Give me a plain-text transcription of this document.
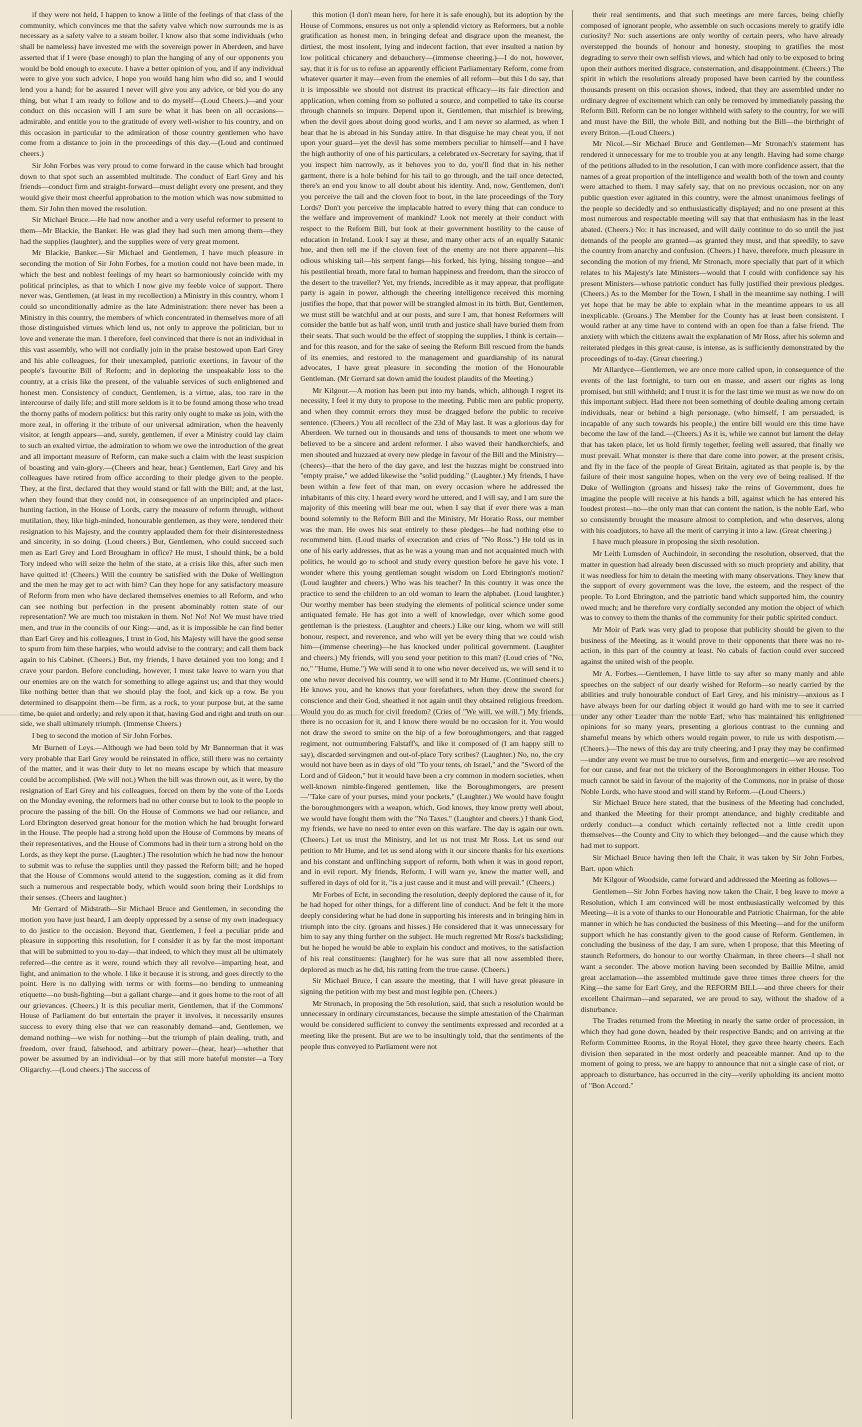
if they were not held, I happen to know a little of the feelings of that class of the community, which convinces me that the safety valve which now surrounds me is as necessary as a safety valve to a steam boiler. I know also that some individuals (who shall be nameless) have invested me with the sovereign power in Aberdeen, and have asserted that if I were (base enough) to plan the hanging of any of our opponents you would be bold enough to execute. I have a better opinion of you, and if any individual were to give you such advice, I hope you would hang him who did so, and I would lend you a hand; for be assured I never will give you any advice, or bid you do any thing, but what I am ready to follow and to do myself—(Loud Cheers.)—and your conduct on this occasion will I am sure be what it has been on all occasions—admirable, and entitle you to the gratitude of every well-wisher to his country, and on this occasion in particular to the admiration of those country gentlemen who have come from a distance to join in the proceedings of this day.—(Loud and continued cheers.)

Sir John Forbes was very proud to come forward in the cause which had brought down to that spot such an assembled multitude. The conduct of Earl Grey and his friends—conduct firm and straight-forward—must delight every one present, and they would give their most cheerful approbation to the motion which was now submitted to them. Sir John then moved the resolution.

Sir Michael Bruce.—He had now another and a very useful reformer to present to them—Mr Blackie, the Banker. He was glad they had such men among them—they had the supplies (laughter), and the supplies were of very great moment.

Mr Blackie, Banker.—Sir Michael and Gentlemen, I have much pleasure in seconding the motion of Sir John Forbes, for a motion could not have been made, in which the best and noblest feelings of my heart so harmoniously coincide with my political principles, as that to which I now give my feeble voice of support. There never was, Gentlemen, (at least in my recollection) a Ministry in this country, whom I could so unconditionally admire as the late Administration: there never has been a Ministry in this country, the members of which concentrated in themselves more of all those distinguished virtues which lend us, not only to approve the politician, but to love and venerate the man. I therefore, feel convinced that there is not an individual in this vast assembly, who will not cordially join in the praise bestowed upon Earl Grey and his able colleagues, for their unexampled, patriotic exertions, in favour of the people's favourite Bill of Reform; and in deploring the unspeakable loss to the country, at a crisis like the present, of the valuable services of such enlightened and honest men. Consistency of conduct, Gentlemen, is a virtue, alas, too rare in the intercourse of daily life; and still more seldom is it to be found among those who tread the thorny paths of modern politics: but this rarity only ought to make us join, with the more zeal, in offering it the tribute of our universal admiration, when the heavenly visitor, at length appears—and, surely, gentlemen, if ever a Ministry could lay claim to such an exalted virtue, the admiration to whom we owe the introduction of the great and all important measure of Reform, can make such a claim with the least suspicion of boasting and vain-glory.—(Cheers and hear, hear.) Gentlemen, Earl Grey and his colleagues have retired from office according to their pledge given to the people. They, at the first, declared that they would stand or fall with the Bill; and, at the last, when they found that they could not, in consequence of an unprincipled and place-hunting faction, in the House of Lords, carry the measure of reform through, without mutilation, they, like high-minded, honourable gentlemen, as they were, tendered their resignation to his Majesty, and the country applauded them for their disinterestedness and sincerity, in so doing. (Loud cheers.) But, Gentlemen, who could succeed such men as Earl Grey and Lord Brougham in office? He must, I should think, be a bold Tory indeed who will seize the helm of the state, at a crisis like this, after such men have quitted it! (Cheers.) Will the country be satisfied with the Duke of Wellington and the men he may get to act with him? Can they hope for any satisfactory measure of Reform from men who have declared themselves enemies to all Reform, and who can see nothing but perfection in the present abominably rotten state of our representation? We are much too mistaken in them. No! No! No! We must have tried men, and true in the councils of our King:—and, as it is impossible he can find better than Earl Grey and his colleagues, I trust in God, his Majesty will have the good sense to spurn from him these harpies, who would advise to the contrary; and call them back again to his Cabinet. (Cheers.) But, my friends, I have detained you too long; and I crave your pardon. Before concluding, however, I must take leave to warn you that our enemies are on the watch for something to allege against us; and that they would like nothing better than that we should play the fool, and kick up a row. Be you determined to disappoint them—be firm, as a rock, to your purpose but, at the same time, be quiet and orderly; and rely upon it that, having God and right and truth on our side, we shall ultimately triumph. (Immense Cheers.)

I beg to second the motion of Sir John Forbes.

Mr Burnett of Leys.—Although we had been told by Mr Bannerman that it was very probable that Earl Grey would be reinstated in office, still there was no certainty of the matter, and it was their duty to let no means escape by which that measure could be accomplished. (We will not.) When the bill was thrown out, as it were, by the resignation of Earl Grey and his colleagues, forced on them by the vote of the Lords on the Monday evening, the reformers had no other course but to look to the people to procure the passing of the bill. On the House of Commons we had our reliance, and Lord Ebrington deserved great honour for the motion which he had brought forward in the House. The people had a strong hold upon the House of Commons by means of their representatives, and the House of Commons had in their turn a strong hold on the Lords, as they kept the purse. (Laughter.) The resolution which he had now the honour to submit was to refuse the supplies until they passed the Reform bill; and he hoped that the House of Commons would attend to the suggestion, coming as it did from such a numerous and respectable body, which would soon bring their Lordships to their senses. (Cheers and laughter.)

Mr Gerrard of Midstrath—Sir Michael Bruce and Gentlemen, in seconding the motion you have just heard, I am deeply oppressed by a sense of my own inadequacy to do justice to the occasion. Beyond that, Gentlemen, I feel a peculiar pride and pleasure in supporting this resolution, for I consider it as by far the most important that will be submitted to you to-day—that indeed, to which they must all be ultimately referred—the centre as it were, round which they all revolve—imparting heat, and light, and animation to the whole. I like it because it is strong, and goes directly to the point. Here is no dallying with terms or with forms—no bending to unmeaning etiquette—no bush-fighting—but a gallant charge—and it goes home to the root of all our grievances. (Cheers.) It is this peculiar merit, Gentlemen, that if the Commons' House of Parliament do but entertain the prayer it involves, it necessarily ensures success to every thing else that we can reasonably demand—and, Gentlemen, we demand nothing—we wish for nothing—but the triumph of plain dealing, truth, and freedom, over fraud, falsehood, and arbitrary power—(hear, hear)—whether that power be assumed by an individual—or by that still more hateful monster—a Tory Oligarchy.—(Loud cheers.) The success of

this motion (I don't mean here, for here it is safe enough), but its adoption by the House of Commons, ensures us not only a splendid victory as Reformers, but a noble gratification as honest men, in bringing defeat and disgrace upon the meanest, the dirtiest, the most insolent, lying and indecent faction, that ever insulted a nation by low political chicanery and debauchery—(immense cheering.)—I do not, however, say, that it is for us to refuse an apparently efficient Parliamentary Reform, come from whatever quarter it may—even from the enemies of all reform—but this I do say, that it is impossible we should not distrust its practical efficacy—its fair direction and application, when coming from so polluted a source, and compelled to take its course through channels so impure. Depend upon it, Gentlemen, that mischief is brewing, when the devil goes about doing good works, and I am never so alarmed, as when I hear that he is abroad in his Sunday attire. In that disguise he may cheat you, if not upon your guard—yet the devil has some members peculiar to himself—and I have the high authority of one of his particulars, a celebrated ex-Secretary for saying, that if you inspect him narrowly, as it behoves you to do, you'll find that in his nether garment, there is a hole behind for his tail to go through, and the tail once detected, there's an end you know to all doubt about his identity. And, now, Gentlemen, don't you perceive the tail and the cloven foot to boot, in the late proceedings of the Tory Lords? Don't you perceive the implacable hatred to every thing that can conduce to the welfare and improvement of mankind? Look not merely at their conduct with respect to the Reform Bill, but look at their government hostility to the cause of education in Ireland. Look I say at these, and many other acts of an equally Satanic hue, and then tell me if the cloven feet of the enemy are not there apparent—his odious whisking tail—his serpent fangs—his forked, his lying, hissing tongue—and his pestilential breath, more fatal to human happiness and freedom, than the sirocco of the desert to the traveller? Yet, my friends, incredible as it may appear, that profligate party is again in power, although the cheering intelligence received this morning justifies the hope, that that power will be strangled almost in its birth. But, Gentlemen, we must still be watchful and at our posts, and sure I am, that honest Reformers will consider the battle but as half won, until truth and justice shall have buried them from their seats. That such would be the effect of stopping the supplies, I think is certain—and for this reason, and for the sake of seeing the Reform Bill rescued from the hands of its enemies, and restored to the management and guardianship of its natural advocates, I have great pleasure in seconding the motion of the Honourable Gentleman. (Mr Gerrard sat down amid the loudest plaudits of the Meeting.)

Mr Kilgour.—A motion has been put into my hands, which, although I regret its necessity, I feel it my duty to propose to the meeting. Public men are public property, and when they commit errors they must be dragged before the public to receive sentence. (Cheers.) You all recollect of the 23d of May last. It was a glorious day for Aberdeen. We turned out in thousands and tens of thousands to meet one whom we believed to be a sincere and ardent reformer. I also waved their handkerchiefs, and men shouted and huzzaed at every new pledge in favour of the Bill and the Ministry—(cheers)—that the hero of the day gave, and lest the huzzas might be construed into "empty praise," we added likewise the "solid pudding." (Laughter.) My friends, I have been within a few feet of that man, on every occasion where he addressed the inhabitants of this city. I heard every word he uttered, and I will say, and I am sure the majority of this meeting will bear me out, when I say that if ever there was a man bound solemnly to the Reform Bill and the Ministry, Mr Horatio Ross, our member was the man. He owes his seat entirely to these pledges—he had nothing else to recommend him. (Loud marks of execration and cries of "No Ross.") He told us in one of his early addresses, that as he was a young man and not acquainted much with politics, he would go to school and study every question before he gave his vote. I wonder where this young gentleman sought wisdom on Lord Ebrington's motion? (Loud laughter and cheers.) Who was his teacher? In this country it was once the practice to send the children to an old woman to learn the alphabet. (Loud laughter.) Our worthy member has been studying the elements of political science under some antiquated female. He has got into a well of knowledge, over which some good gentleman is the priestess. (Laughter and cheers.) Like our king, whom we will still honour, respect, and reverence, and who will yet be every thing that we could wish him—(immense cheering)—he has knocked under political government. (Laughter and cheers.) My friends, will you send your petition to this man? (Loud cries of "No, no," "Hume, Hume.") We will send it to one who never deceived us, we will send it to one who never deceived his country, we will send it to Mr Hume. (Continued cheers.) He knows you, and he knows that your forefathers, when they drew the sword for conscience and their God, sheathed it not again until they obtained religious freedom. Would you do as much for civil freedom? (Cries of "We will, we will.") My friends, there is no occasion for it, and I know there would be no occasion for it. You would not draw the sword to smite on the hip of a few boroughmongers, and that ragged regiment, not outnumbering Falstaff's, and like it composed of (I am happy still to say), discarded servingmen and out-of-place Tory scribes? (Laughter.) No, no, the cry would not have been as in days of old "To your tents, oh Israel," and the "Sword of the Lord and of Gideon," but it would have been a cry common in modern societies, when well-known nimble-fingered gentlemen, like the Boroughmongers, are present—"Take care of your purses, mind your pockets," (Laughter.) We would have fought the boroughmongers with a weapon, which, God knows, they know pretty well about, we would have fought them with the "No Taxes." (Laughter and cheers.) I thank God, my friends, we have no need to enter even on this warfare. The day is again our own. (Cheers.) Let us trust the Ministry, and let us not trust Mr Ross. Let us send our petition to Mr Hume, and let us send along with it our sincere thanks for his exertions and his constant and unflinching support of reform, both when it was in good report, and in evil report. My friends, Reform, I will warn ye, knew the matter well, and suffered in days of old for it, "is a just cause and it must and will prevail." (Cheers.)

Mr Forbes of Echt, in seconding the resolution, deeply deplored the cause of it, for he had hoped for other things, for a different line of conduct. And he felt it the more deeply considering what he had done in supporting his interests and in bringing him in triumph into the city. (groans and hisses.) He considered that it was unnecessary for him to say any thing further on the subject. He much regretted Mr Ross's backsliding; but he hoped he would be able to explain his conduct and motives, to the satisfaction of his real constituents: (laughter) for he was sure that all now assembled there, deplored as much as he did, his ratting from the true cause. (Cheers.)

Sir Michael Bruce, I can assure the meeting, that I will have great pleasure in signing the petition with my best and most legible pen. (Cheers.)

Mr Stronach, in proposing the 5th resolution, said, that such a resolution would be unnecessary in ordinary circumstances, because the simple attestation of the Chairman would be considered sufficient to convey the sentiments expressed and recorded at a meeting like the present. But are we to be insultingly told, that the sentiments of the people thus conveyed to Parliament were not

their real sentiments, and that such meetings are mere farces, being chiefly composed of ignorant people, who assemble on such occasions merely to gratify idle curiosity? No: such assertions are only worthy of certain peers, who have already overstepped the bounds of honour and honesty, stooping to gratifies the most degrading to serve their own selfish views, and which had only to be exposed to bring upon their authors merited disgrace, consternation, and disappointment. (Cheers.) The spirit in which the resolutions already proposed have been carried by the countless thousands present on this occasion shows, indeed, that they are assembled under no ordinary degree of excitement which can only be removed by immediately passing the Reform Bill. Reform can be no longer withheld with safety to the country, for we will and must have the Bill, the whole Bill, and nothing but the Bill—the birthright of every Briton.—(Loud Cheers.)

Mr Nicol.—Sir Michael Bruce and Gentlemen—Mr Stronach's statement has rendered it unnecessary for me to trouble you at any length. Having had some charge of the petitions alluded to in the resolution, I can with more confidence assert, that the names of a great proportion of the intelligence and wealth both of the town and county were attached to them. I may safely say, that on no previous occasion, nor on any public question ever agitated in this country, were the almost unanimous feelings of the people so decidedly and so enthusiastically displayed; and no one present at this most numerous and respectable meeting will say that that enthusiasm has in the least abated. (Cheers.) No: it has increased, and will daily continue to do so until the just demands of the people are granted—as granted they must, and that speedily, to save the country from anarchy and confusion. (Cheers.) I have, therefore, much pleasure in seconding the motion of my friend, Mr Stronach, more specially that part of it which relates to his Majesty's late Ministers—would that I could with confidence say his present Ministers—whose patriotic conduct has fully justified their previous pledges. (Cheers.) As to the Member for the Town, I shall in the meantime say nothing. I will yet hope that he may be able to explain what in the meantime appears to us all inexplicable. (Groans.) The Member for the County has at least been consistent. I would rather at any time have to contend with an open foe than a false friend. The anxiety with which the citizens await the explanation of Mr Ross, after his solemn and reiterated pledges in this great cause, is intense, as is sufficiently demonstrated by the proceedings of to-day. (Great cheering.)

Mr Allardyce—Gentlemen, we are once more called upon, in consequence of the events of the last fortnight, to turn out en masse, and assert our rights as long promised, but still withheld; and I trust it is for the last time we must as we now do on this important subject. Had there not been something of double dealing among certain individuals, near or behind a high personage, (who himself, I am persuaded, is incapable of any such towards his people,) the entire bill would ere this time have become the law of the land.—(Cheers.) As it is, while we cannot but lament the delay that has taken place, let us hold firmly together, feeling well assured, that finally we must prevail. What monster is there that dare come into power, at the present crisis, and fly in the face of the people of Great Britain, agitated as that people is, by the failure of their most sanguine hopes, when on the very eve of being realised. If the Duke of Wellington (groans and hisses) take the reins of Government, does he imagine the people will receive at his hands a bill, against which he has entered his loudest protest—no—the only man that can content the nation, is the noble Earl, who so consistently brought the measure almost to completion, and who deserves, along with his coadjutors, to have all the merit of carrying it into a law. (Great cheering.)

I have much pleasure in proposing the sixth resolution.

Mr Leith Lumsden of Auchindoir, in seconding the resolution, observed, that the matter in question had already been discussed with so much propriety and ability, that it was needless for him to detain the meeting with many observations. They knew that the support of every government was the love, the esteem, and the respect of the people. To Lord Ebrington, and the patriotic band which supported him, the country owed much; and he therefore very cordially seconded any motion the object of which was to convey to them the thanks of the community for their public spirited conduct.

Mr Moir of Park was very glad to propose that publicity should be given to the business of the Meeting, as it would prove to their opponents that there was no re-action, in this part of the country at least. No cabals of faction could ever succeed against the united wish of the people.

Mr A. Forbes.—Gentlemen, I have little to say after so many manly and able speeches on the subject of our dearly wished for Reform—so nearly carried by the abilities and truly honourable conduct of Earl Grey, and his ministry—anxious as I have always been for our darling object it would go hard with me to see it carried under any other Leader than the noble Earl, who has maintained his enlightened opinions for so many years, presenting a glorious contrast to the cunning and shameful means by which others would regain power, to rule us with despotism.—(Cheers.)—The news of this day are truly cheering, and I pray they may be confirmed—under any event we must be true to ourselves, firm and energetic—we are resolved for our cause, and fear not the trickery of the Boroughmongers in either House. Too much cannot be said in favour of the majority of the Commons, nor in praise of those Noble Lords, who have stood and will stand by Reform.—(Loud Cheers.)

Sir Michael Bruce here stated, that the business of the Meeting had concluded, and thanked the Meeting for their prompt attendance, and highly creditable and orderly conduct—a conduct which certainly reflected not a little credit upon themselves—the County and City to which they belonged—and the cause which they had met to support.

Sir Michael Bruce having then left the Chair, it was taken by Sir John Forbes, Bart. upon which

Mr Kilgour of Woodside, came forward and addressed the Meeting as follows—

Gentlemen—Sir John Forbes having now taken the Chair, I beg leave to move a Resolution, which I am convinced will be most enthusiastically welcomed by this Meeting—it is a vote of thanks to our Honourable and Patriotic Chairman, for the able manner in which he has conducted the business of this Meeting—and for the uniform support which he has constantly given to the good cause of Reform. Gentlemen, in concluding the business of the day, I am sure, when I propose, that this Meeting of staunch Reformers, do honour to our worthy Chairman, in three cheers—I shall not want a seconder. The above motion having been seconded by Baillie Milne, amid great acclamation—the assembled multitude gave three times three cheers for the King—the same for Earl Grey, and the REFORM BILL—and three cheers for their excellent Chairman—and separated, we are proud to say, without the shadow of a disturbance.

The Trades returned from the Meeting in nearly the same order of procession, in which they had gone down, headed by their respective Bands; and on arriving at the Reform Committee Rooms, in the Royal Hotel, they gave three hearty cheers. Each division then separated in the most orderly and peaceable manner. And up to the moment of going to press, we are happy to announce that not a single case of riot, or approach to disturbance, has occurred in the city—verily upholding its ancient motto of "Bon Accord."
